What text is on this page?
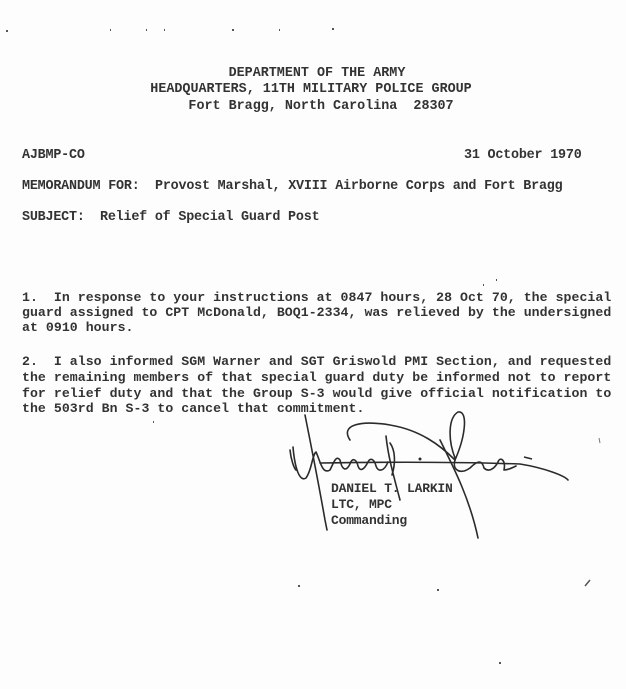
DEPARTMENT OF THE ARMY
HEADQUARTERS, 11TH MILITARY POLICE GROUP
Fort Bragg, North Carolina  28307
AJBMP-CO	31 October 1970
MEMORANDUM FOR: Provost Marshal, XVIII Airborne Corps and Fort Bragg
SUBJECT: Relief of Special Guard Post
1.  In response to your instructions at 0847 hours, 28 Oct 70, the special
guard assigned to CPT McDonald, BOQ1-2334, was relieved by the undersigned
at 0910 hours.
2.  I also informed SGM Warner and SGT Griswold PMI Section, and requested
the remaining members of that special guard duty be informed not to report
for relief duty and that the Group S-3 would give official notification to
the 503rd Bn S-3 to cancel that commitment.
DANIEL T. LARKIN
LTC, MPC
Commanding
